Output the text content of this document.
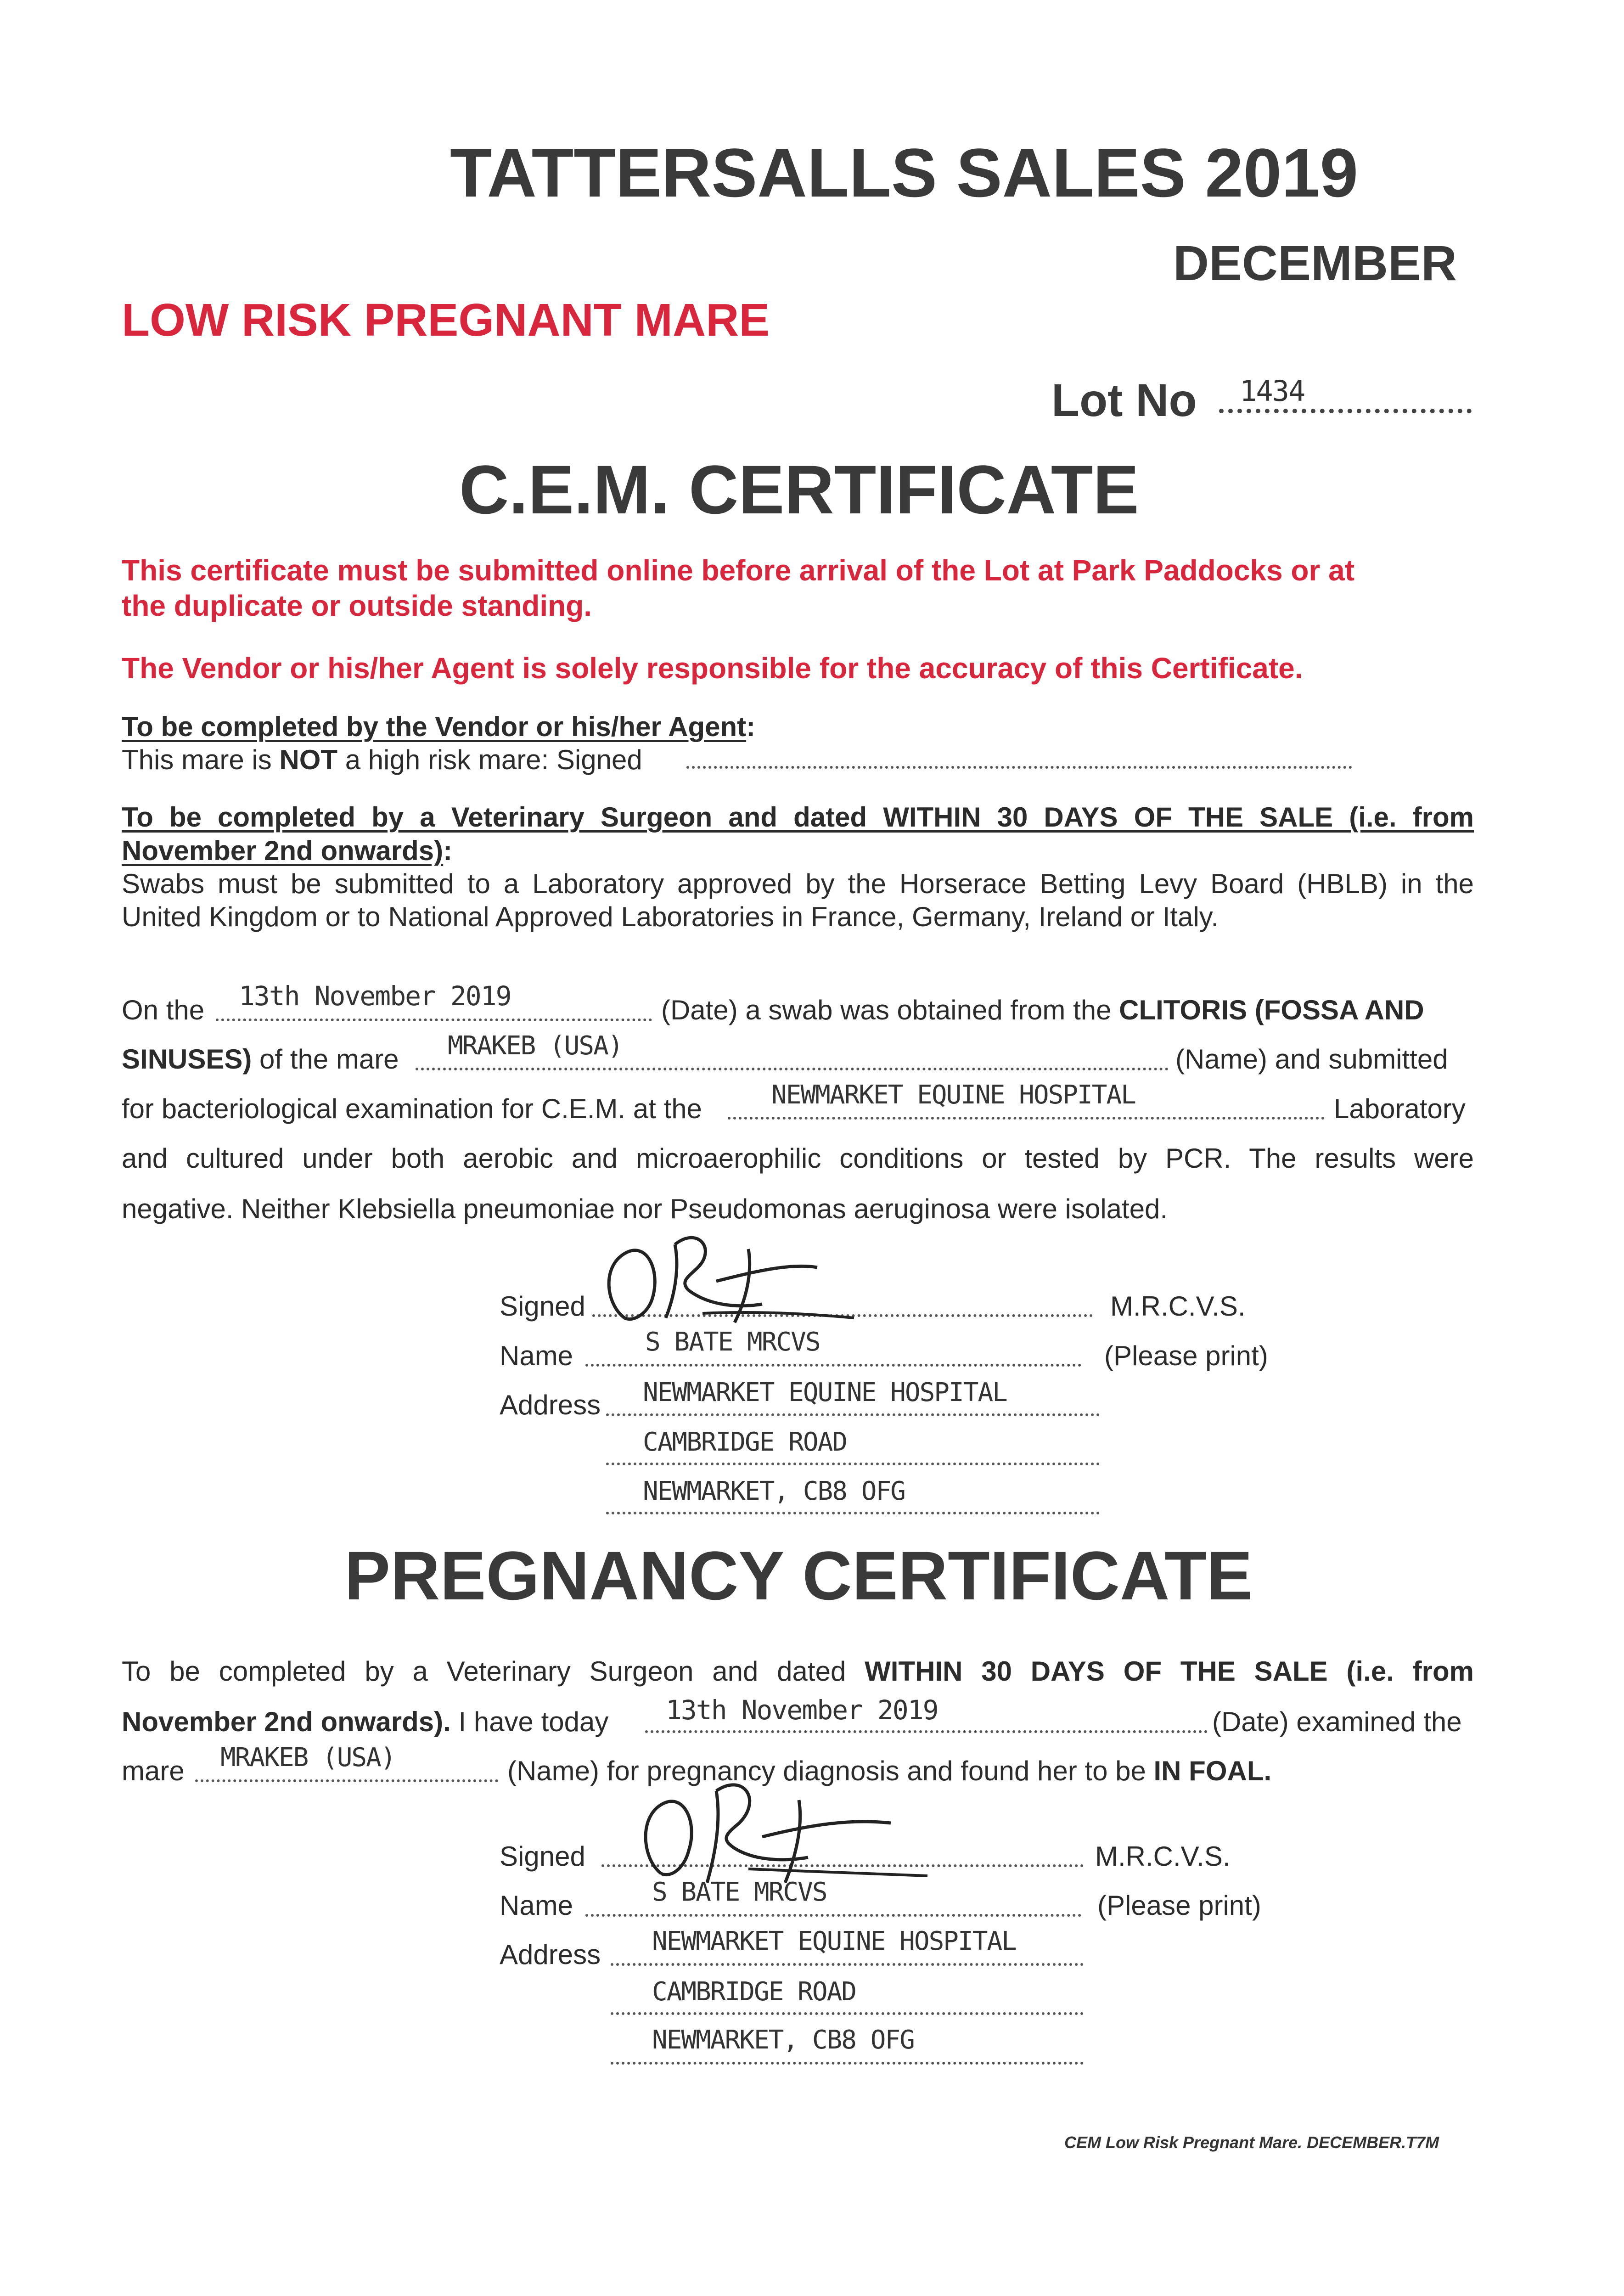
TATTERSALLS SALES 2019
DECEMBER
LOW RISK PREGNANT MARE
Lot No 1434
C.E.M. CERTIFICATE
This certificate must be submitted online before arrival of the Lot at Park Paddocks or at
the duplicate or outside standing.
The Vendor or his/her Agent is solely responsible for the accuracy of this Certificate.
To be completed by the Vendor or his/her Agent:
This mare is NOT a high risk mare: Signed
To be completed by a Veterinary Surgeon and dated WITHIN 30 DAYS OF THE SALE (i.e. from
November 2nd onwards):
Swabs must be submitted to a Laboratory approved by the Horserace Betting Levy Board (HBLB) in the
United Kingdom or to National Approved Laboratories in France, Germany, Ireland or Italy.
On the 13th November 2019	(Date) a swab was obtained from the CLITORIS (FOSSA AND
SINUSES) of the mare MRAKEB (USA)	(Name) and submitted
for bacteriological examination for C.E.M. at the	NEWMARKET EQUINE HOSPITAL	Laboratory
and cultured under both aerobic and microaerophilic conditions or tested by PCR. The results were
negative. Neither Klebsiella pneumoniae nor Pseudomonas aeruginosa were isolated.
Signed	M.R.C.V.S.
Name	S BATE MRCVS	(Please print)
Address NEWMARKET EQUINE HOSPITAL
CAMBRIDGE ROAD
NEWMARKET, CB8 OFG
PREGNANCY CERTIFICATE
To be completed by a Veterinary Surgeon and dated WITHIN 30 DAYS OF THE SALE (i.e. from
November 2nd onwards). I have today 13th November 2019	(Date) examined the
mare MRAKEB (USA)	(Name) for pregnancy diagnosis and found her to be IN FOAL.
Signed	M.R.C.V.S.
Name	S BATE MRCVS	(Please print)
Address NEWMARKET EQUINE HOSPITAL
CAMBRIDGE ROAD
NEWMARKET, CB8 OFG
CEM Low Risk Pregnant Mare. DECEMBER.T7M
